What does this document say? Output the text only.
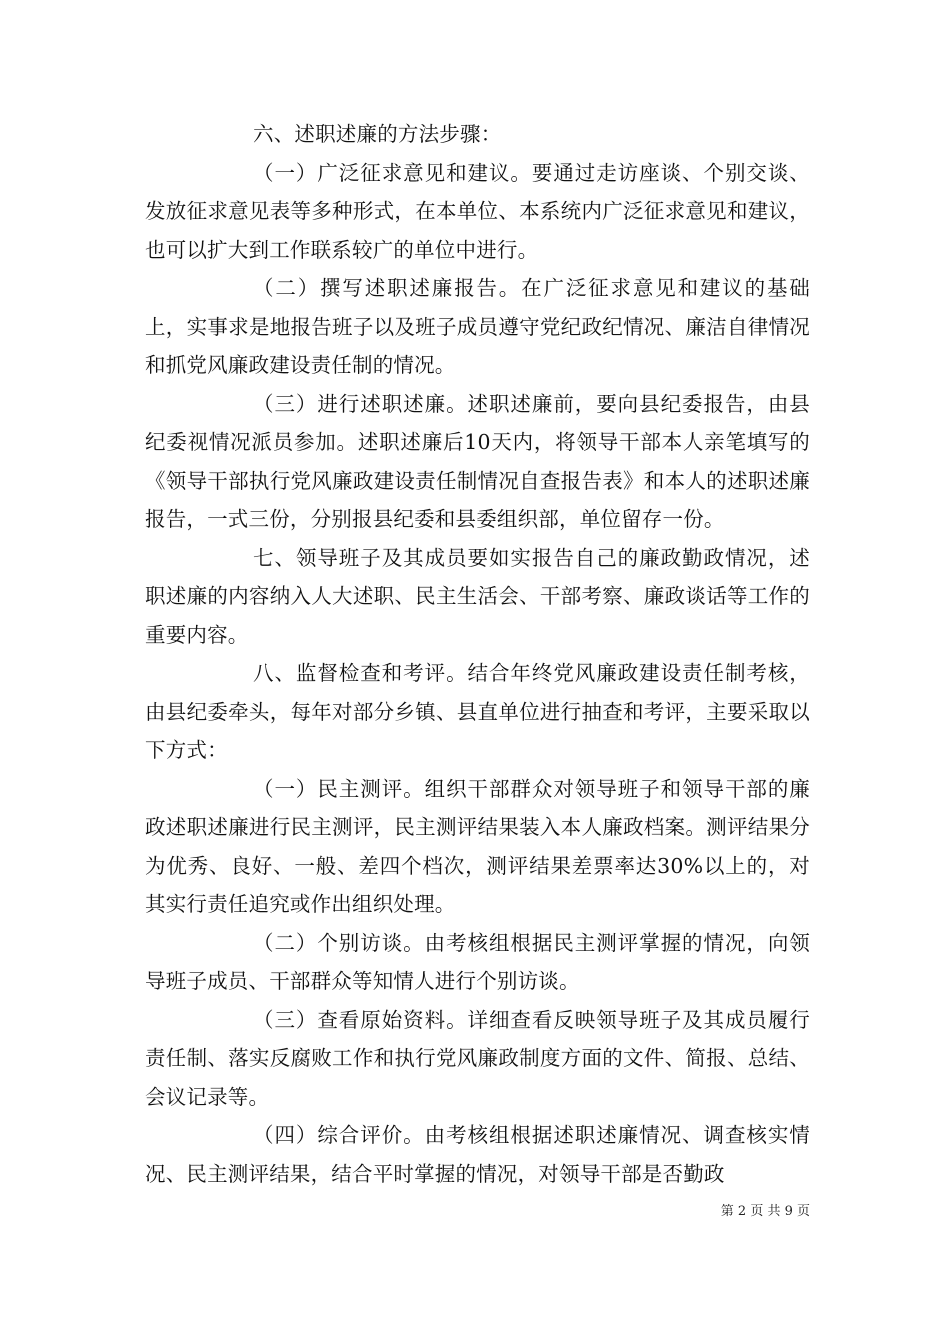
六、述职述廉的方法步骤：

（一）广泛征求意见和建议。要通过走访座谈、个别交谈、发放征求意见表等多种形式，在本单位、本系统内广泛征求意见和建议，也可以扩大到工作联系较广的单位中进行。

（二）撰写述职述廉报告。在广泛征求意见和建议的基础上，实事求是地报告班子以及班子成员遵守党纪政纪情况、廉洁自律情况和抓党风廉政建设责任制的情况。

（三）进行述职述廉。述职述廉前，要向县纪委报告，由县纪委视情况派员参加。述职述廉后10天内，将领导干部本人亲笔填写的《领导干部执行党风廉政建设责任制情况自查报告表》和本人的述职述廉报告，一式三份，分别报县纪委和县委组织部，单位留存一份。

七、领导班子及其成员要如实报告自己的廉政勤政情况，述职述廉的内容纳入人大述职、民主生活会、干部考察、廉政谈话等工作的重要内容。

八、监督检查和考评。结合年终党风廉政建设责任制考核，由县纪委牵头，每年对部分乡镇、县直单位进行抽查和考评，主要采取以下方式：

（一）民主测评。组织干部群众对领导班子和领导干部的廉政述职述廉进行民主测评，民主测评结果装入本人廉政档案。测评结果分为优秀、良好、一般、差四个档次，测评结果差票率达30%以上的，对其实行责任追究或作出组织处理。

（二）个别访谈。由考核组根据民主测评掌握的情况，向领导班子成员、干部群众等知情人进行个别访谈。

（三）查看原始资料。详细查看反映领导班子及其成员履行责任制、落实反腐败工作和执行党风廉政制度方面的文件、简报、总结、会议记录等。

（四）综合评价。由考核组根据述职述廉情况、调查核实情况、民主测评结果，结合平时掌握的情况，对领导干部是否勤政

第 2 页 共 9 页
